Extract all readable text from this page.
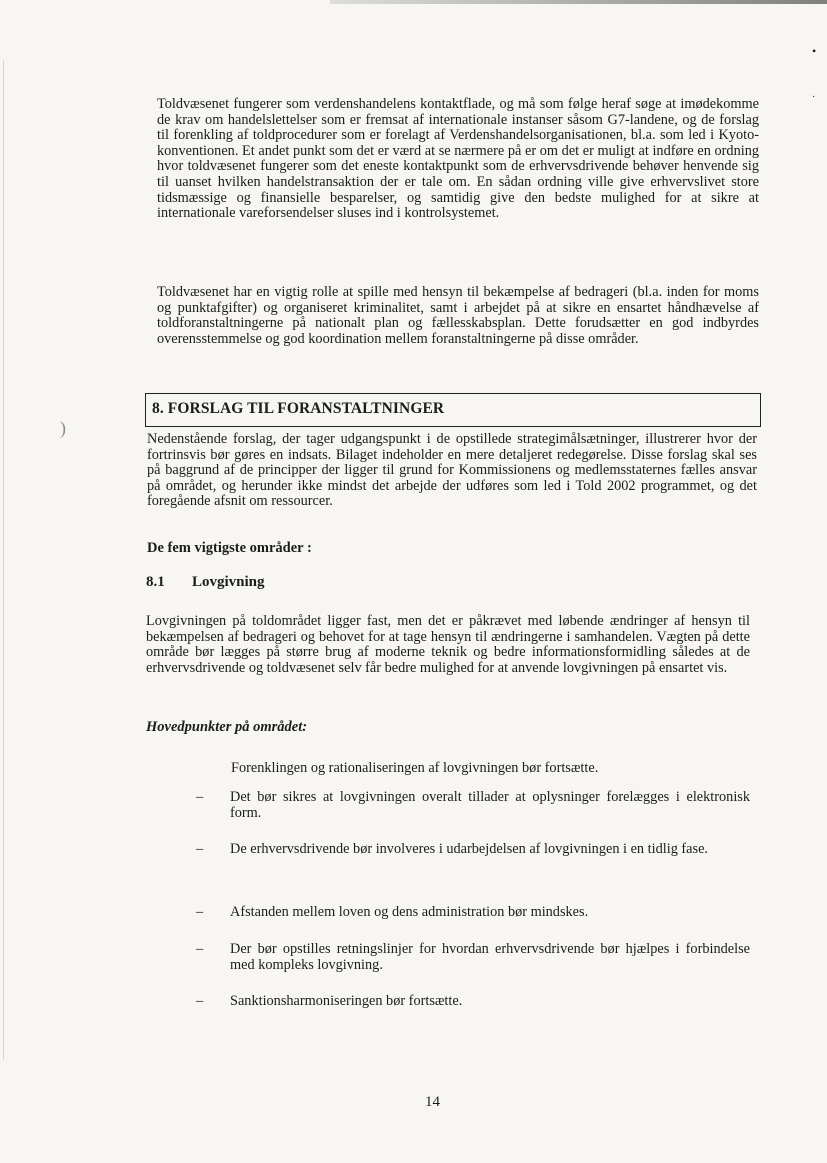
)
•
·

Toldvæsenet fungerer som verdenshandelens kontaktflade, og må som følge heraf søge at imødekomme de krav om handelslettelser som er fremsat af internationale instanser såsom G7-landene, og de forslag til forenkling af toldprocedurer som er forelagt af Verdenshandelsorganisationen, bl.a. som led i Kyoto-konventionen. Et andet punkt som det er værd at se nærmere på er om det er muligt at indføre en ordning hvor toldvæsenet fungerer som det eneste kontaktpunkt som de erhvervsdrivende behøver henvende sig til uanset hvilken handelstransaktion der er tale om. En sådan ordning ville give erhvervslivet store tidsmæssige og finansielle besparelser, og samtidig give den bedste mulighed for at sikre at internationale vareforsendelser sluses ind i kontrolsystemet.

Toldvæsenet har en vigtig rolle at spille med hensyn til bekæmpelse af bedrageri (bl.a. inden for moms og punktafgifter) og organiseret kriminalitet, samt i arbejdet på at sikre en ensartet håndhævelse af toldforanstaltningerne på nationalt plan og fællesskabsplan. Dette forudsætter en god indbyrdes overensstemmelse og god koordination mellem foranstaltningerne på disse områder.

8. FORSLAG TIL FORANSTALTNINGER

Nedenstående forslag, der tager udgangspunkt i de opstillede strategimålsætninger, illustrerer hvor der fortrinsvis bør gøres en indsats. Bilaget indeholder en mere detaljeret redegørelse. Disse forslag skal ses på baggrund af de principper der ligger til grund for Kommissionens og medlemsstaternes fælles ansvar på området, og herunder ikke mindst det arbejde der udføres som led i Told 2002 programmet, og det foregående afsnit om ressourcer.

De fem vigtigste områder :

8.1 Lovgivning

Lovgivningen på toldområdet ligger fast, men det er påkrævet med løbende ændringer af hensyn til bekæmpelsen af bedrageri og behovet for at tage hensyn til ændringerne i samhandelen. Vægten på dette område bør lægges på større brug af moderne teknik og bedre informationsformidling således at de erhvervsdrivende og toldvæsenet selv får bedre mulighed for at anvende lovgivningen på ensartet vis.

Hovedpunkter på området:

Forenklingen og rationaliseringen af lovgivningen bør fortsætte.

– Det bør sikres at lovgivningen overalt tillader at oplysninger forelægges i elektronisk form.
– De erhvervsdrivende bør involveres i udarbejdelsen af lovgivningen i en tidlig fase.
– Afstanden mellem loven og dens administration bør mindskes.
– Der bør opstilles retningslinjer for hvordan erhvervsdrivende bør hjælpes i forbindelse med kompleks lovgivning.
– Sanktionsharmoniseringen bør fortsætte.

14
